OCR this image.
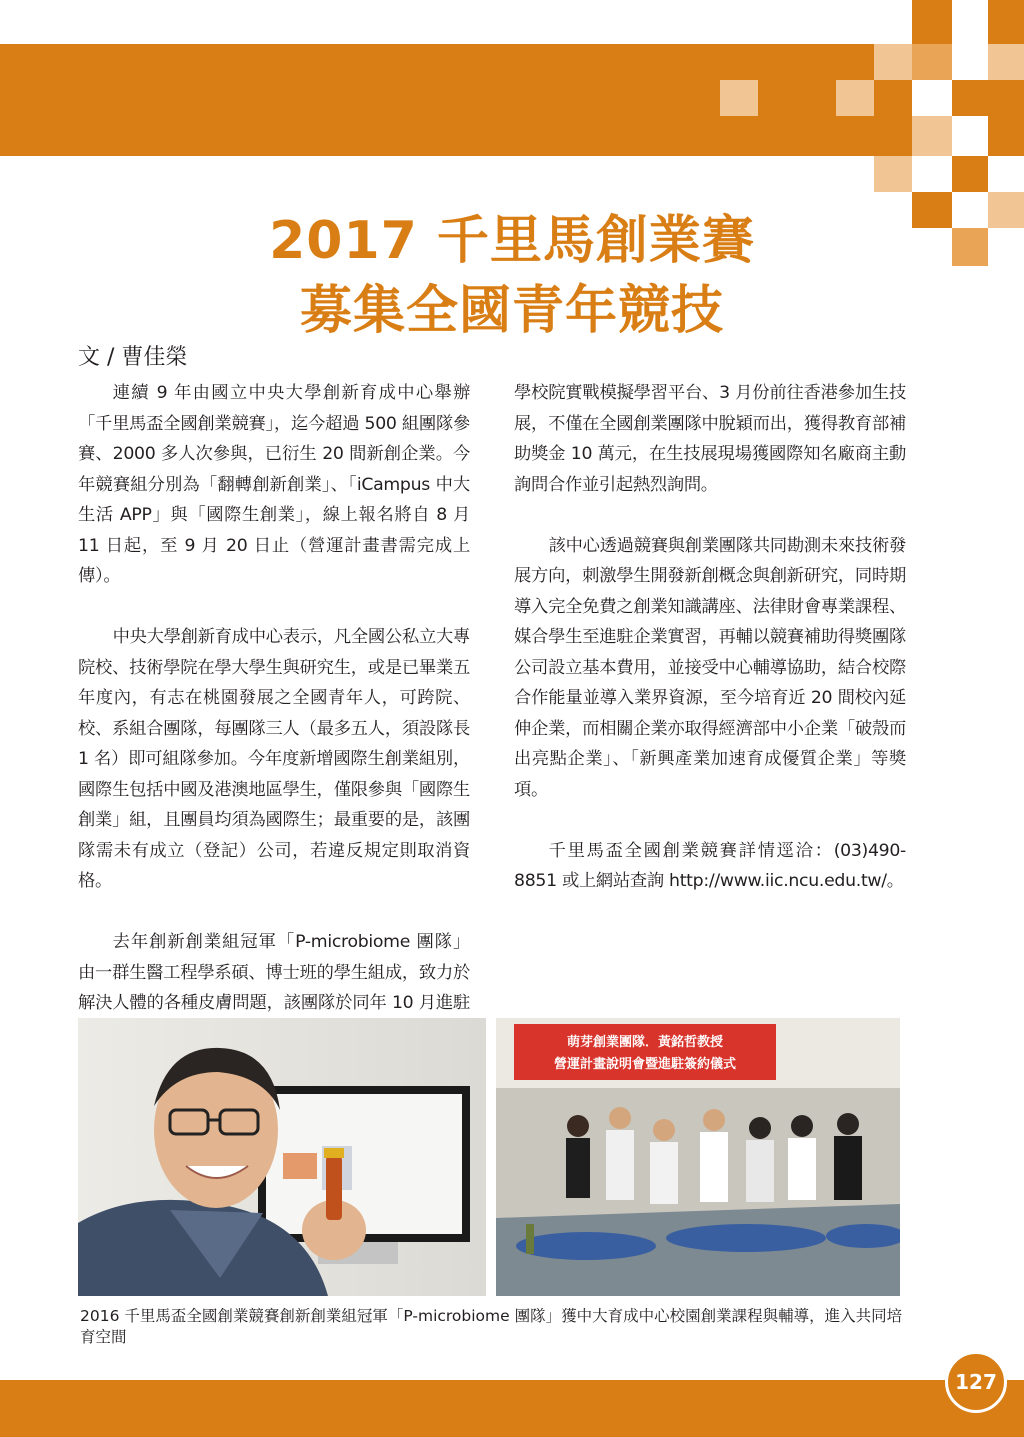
2017 千里馬創業賽
募集全國青年競技
文 / 曹佳榮

連續 9 年由國立中央大學創新育成中心舉辦「千里馬盃全國創業競賽」，迄今超過 500 組團隊參賽、2000 多人次參與，已衍生 20 間新創企業。今年競賽組分別為「翻轉創新創業」、「iCampus 中大生活 APP」與「國際生創業」，線上報名將自 8 月 11 日起，至 9 月 20 日止（營運計畫書需完成上傳）。

中央大學創新育成中心表示，凡全國公私立大專院校、技術學院在學大學生與研究生，或是已畢業五年度內，有志在桃園發展之全國青年人，可跨院、校、系組合團隊，每團隊三人（最多五人，須設隊長 1 名）即可組隊參加。今年度新增國際生創業組別，國際生包括中國及港澳地區學生，僅限參與「國際生創業」組，且團員均須為國際生；最重要的是，該團隊需未有成立（登記）公司，若違反規定則取消資格。

去年創新創業組冠軍「P-microbiome 團隊」由一群生醫工程學系碩、博士班的學生組成，致力於解決人體的各種皮膚問題，該團隊於同年 10 月進駐

學校院實戰模擬學習平台、3 月份前往香港參加生技展，不僅在全國創業團隊中脫穎而出，獲得教育部補助獎金 10 萬元，在生技展現場獲國際知名廠商主動詢問合作並引起熱烈詢問。

該中心透過競賽與創業團隊共同勘測未來技術發展方向，刺激學生開發新創概念與創新研究，同時期導入完全免費之創業知識講座、法律財會專業課程、媒合學生至進駐企業實習，再輔以競賽補助得獎團隊公司設立基本費用，並接受中心輔導協助，結合校際合作能量並導入業界資源，至今培育近 20 間校內延伸企業，而相關企業亦取得經濟部中小企業「破殼而出亮點企業」、「新興產業加速育成優質企業」等獎項。

千里馬盃全國創業競賽詳情逕洽：(03)490-8851 或上網站查詢 http://www.iic.ncu.edu.tw/。

萌芽創業團隊．黃銘哲教授
營運計畫說明會暨進駐簽約儀式
2016 千里馬盃全國創業競賽創新創業組冠軍「P-microbiome 團隊」獲中大育成中心校園創業課程與輔導，進入共同培育空間
127
